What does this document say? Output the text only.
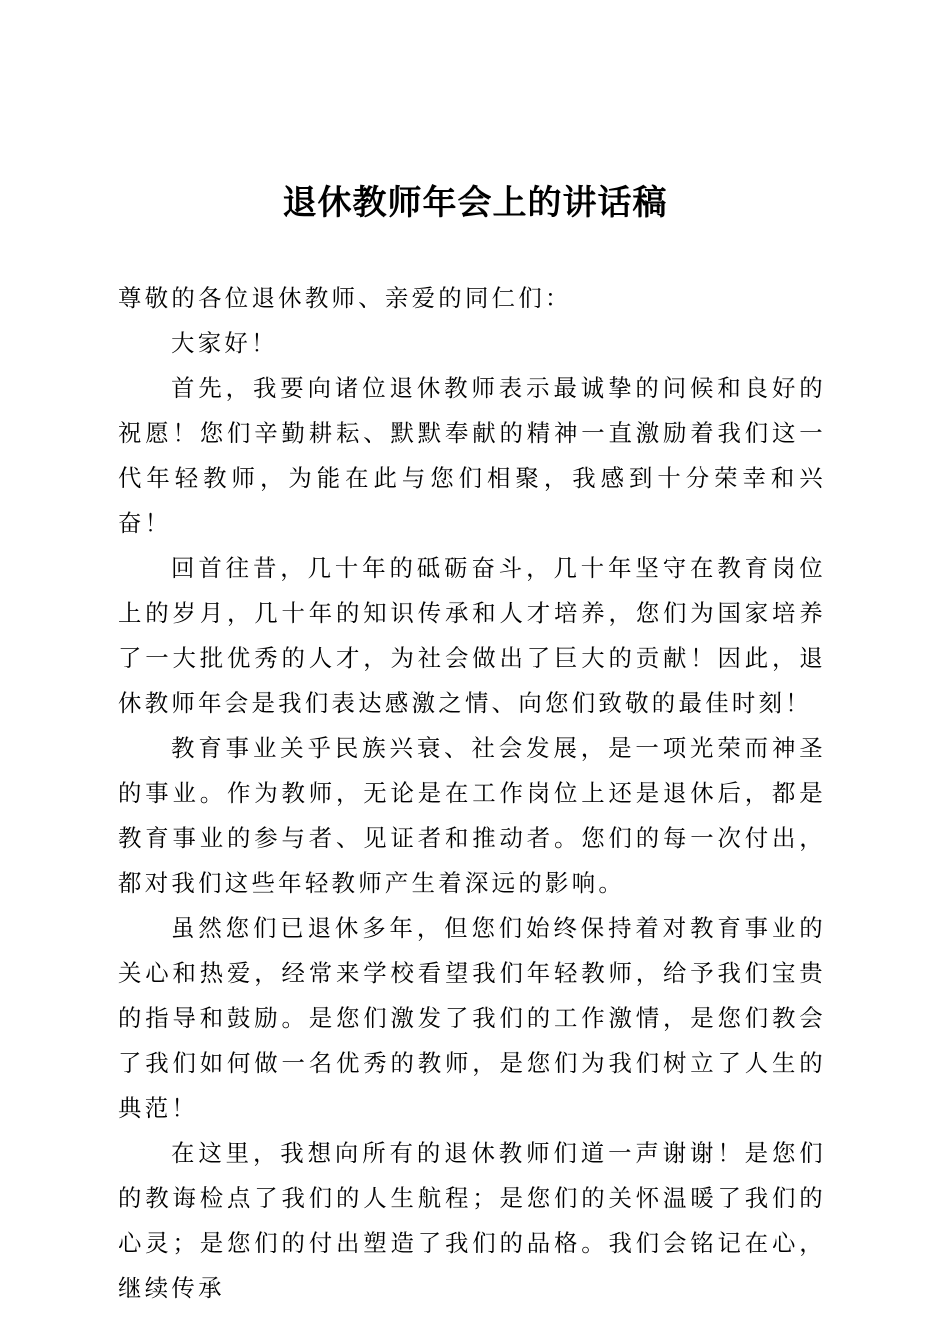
退休教师年会上的讲话稿

尊敬的各位退休教师、亲爱的同仁们：

大家好！

首先，我要向诸位退休教师表示最诚挚的问候和良好的祝愿！您们辛勤耕耘、默默奉献的精神一直激励着我们这一代年轻教师，为能在此与您们相聚，我感到十分荣幸和兴奋！

回首往昔，几十年的砥砺奋斗，几十年坚守在教育岗位上的岁月，几十年的知识传承和人才培养，您们为国家培养了一大批优秀的人才，为社会做出了巨大的贡献！因此，退休教师年会是我们表达感激之情、向您们致敬的最佳时刻！

教育事业关乎民族兴衰、社会发展，是一项光荣而神圣的事业。作为教师，无论是在工作岗位上还是退休后，都是教育事业的参与者、见证者和推动者。您们的每一次付出，都对我们这些年轻教师产生着深远的影响。

虽然您们已退休多年，但您们始终保持着对教育事业的关心和热爱，经常来学校看望我们年轻教师，给予我们宝贵的指导和鼓励。是您们激发了我们的工作激情，是您们教会了我们如何做一名优秀的教师，是您们为我们树立了人生的典范！

在这里，我想向所有的退休教师们道一声谢谢！是您们的教诲检点了我们的人生航程；是您们的关怀温暖了我们的心灵；是您们的付出塑造了我们的品格。我们会铭记在心，继续传承
